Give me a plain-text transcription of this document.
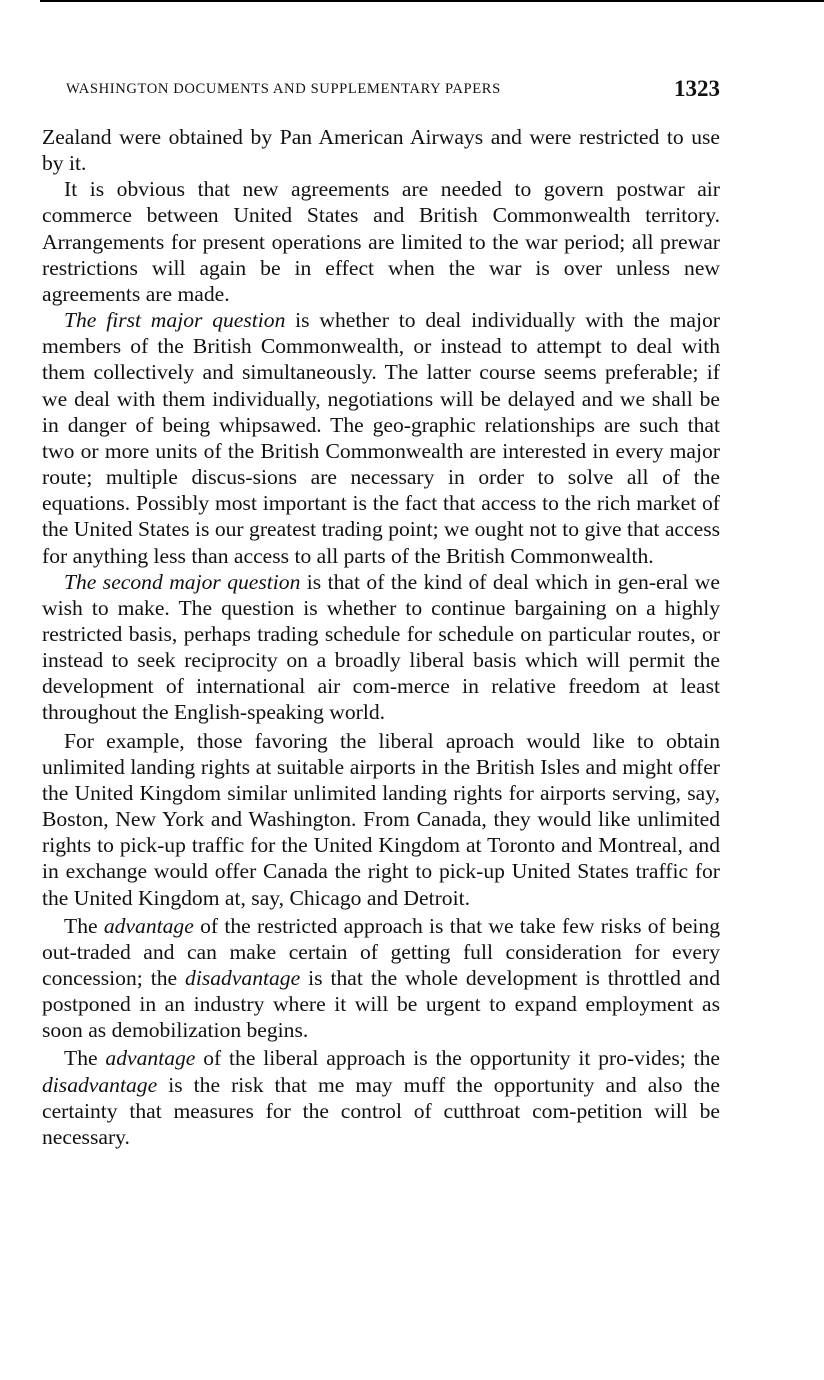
WASHINGTON DOCUMENTS AND SUPPLEMENTARY PAPERS	1323

Zealand were obtained by Pan American Airways and were restricted to use by it.

It is obvious that new agreements are needed to govern postwar air commerce between United States and British Commonwealth territory. Arrangements for present operations are limited to the war period; all prewar restrictions will again be in effect when the war is over unless new agreements are made.

The first major question is whether to deal individually with the major members of the British Commonwealth, or instead to attempt to deal with them collectively and simultaneously. The latter course seems preferable; if we deal with them individually, negotiations will be delayed and we shall be in danger of being whipsawed. The geo-graphic relationships are such that two or more units of the British Commonwealth are interested in every major route; multiple discus-sions are necessary in order to solve all of the equations. Possibly most important is the fact that access to the rich market of the United States is our greatest trading point; we ought not to give that access for anything less than access to all parts of the British Commonwealth.

The second major question is that of the kind of deal which in gen-eral we wish to make. The question is whether to continue bargaining on a highly restricted basis, perhaps trading schedule for schedule on particular routes, or instead to seek reciprocity on a broadly liberal basis which will permit the development of international air com-merce in relative freedom at least throughout the English-speaking world.

For example, those favoring the liberal aproach would like to obtain unlimited landing rights at suitable airports in the British Isles and might offer the United Kingdom similar unlimited landing rights for airports serving, say, Boston, New York and Washington. From Canada, they would like unlimited rights to pick-up traffic for the United Kingdom at Toronto and Montreal, and in exchange would offer Canada the right to pick-up United States traffic for the United Kingdom at, say, Chicago and Detroit.

The advantage of the restricted approach is that we take few risks of being out-traded and can make certain of getting full consideration for every concession; the disadvantage is that the whole development is throttled and postponed in an industry where it will be urgent to expand employment as soon as demobilization begins.

The advantage of the liberal approach is the opportunity it pro-vides; the disadvantage is the risk that me may muff the opportunity and also the certainty that measures for the control of cutthroat com-petition will be necessary.
